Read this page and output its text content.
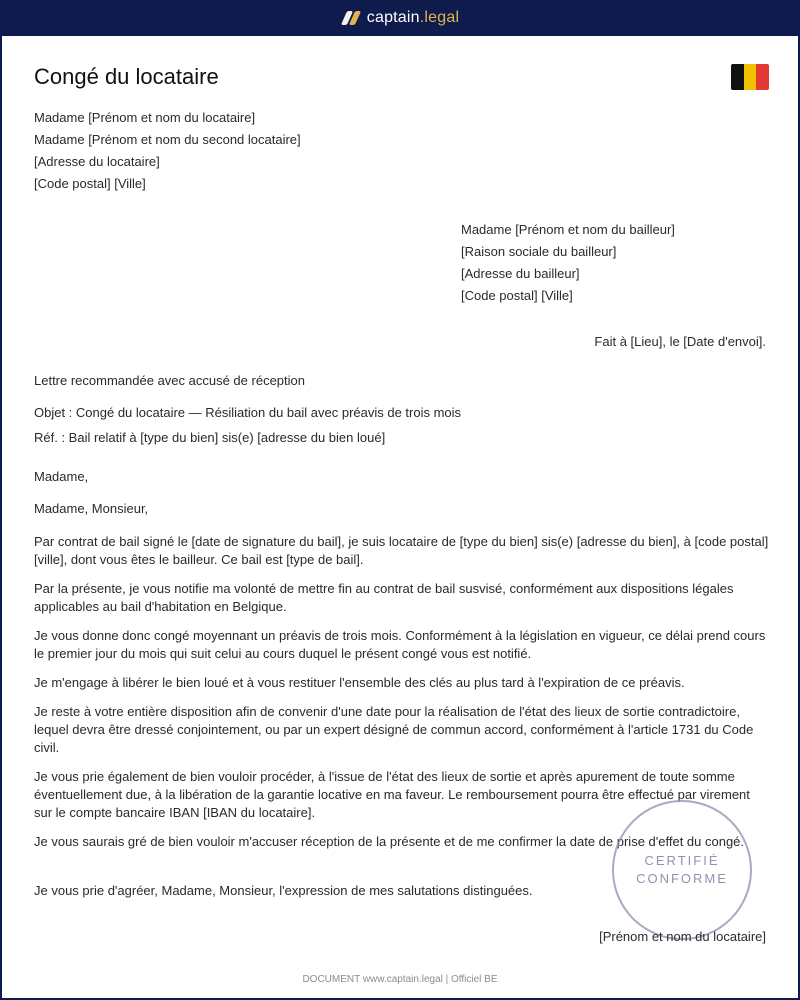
captain.legal
Congé du locataire
Madame [Prénom et nom du locataire]
Madame [Prénom et nom du second locataire]
[Adresse du locataire]
[Code postal] [Ville]
Madame [Prénom et nom du bailleur]
[Raison sociale du bailleur]
[Adresse du bailleur]
[Code postal] [Ville]
Fait à [Lieu], le [Date d'envoi].
Lettre recommandée avec accusé de réception
Objet : Congé du locataire — Résiliation du bail avec préavis de trois mois
Réf. : Bail relatif à [type du bien] sis(e) [adresse du bien loué]
Madame,
Madame, Monsieur,
Par contrat de bail signé le [date de signature du bail], je suis locataire de [type du bien] sis(e) [adresse du bien], à [code postal] [ville], dont vous êtes le bailleur. Ce bail est [type de bail].
Par la présente, je vous notifie ma volonté de mettre fin au contrat de bail susvisé, conformément aux dispositions légales applicables au bail d'habitation en Belgique.
Je vous donne donc congé moyennant un préavis de trois mois. Conformément à la législation en vigueur, ce délai prend cours le premier jour du mois qui suit celui au cours duquel le présent congé vous est notifié.
Je m'engage à libérer le bien loué et à vous restituer l'ensemble des clés au plus tard à l'expiration de ce préavis.
Je reste à votre entière disposition afin de convenir d'une date pour la réalisation de l'état des lieux de sortie contradictoire, lequel devra être dressé conjointement, ou par un expert désigné de commun accord, conformément à l'article 1731 du Code civil.
Je vous prie également de bien vouloir procéder, à l'issue de l'état des lieux de sortie et après apurement de toute somme éventuellement due, à la libération de la garantie locative en ma faveur. Le remboursement pourra être effectué par virement sur le compte bancaire IBAN [IBAN du locataire].
Je vous saurais gré de bien vouloir m'accuser réception de la présente et de me confirmer la date de prise d'effet du congé.
Je vous prie d'agréer, Madame, Monsieur, l'expression de mes salutations distinguées.
CERTIFIÉ
CONFORME
[Prénom et nom du locataire]
DOCUMENT www.captain.legal | Officiel BE
